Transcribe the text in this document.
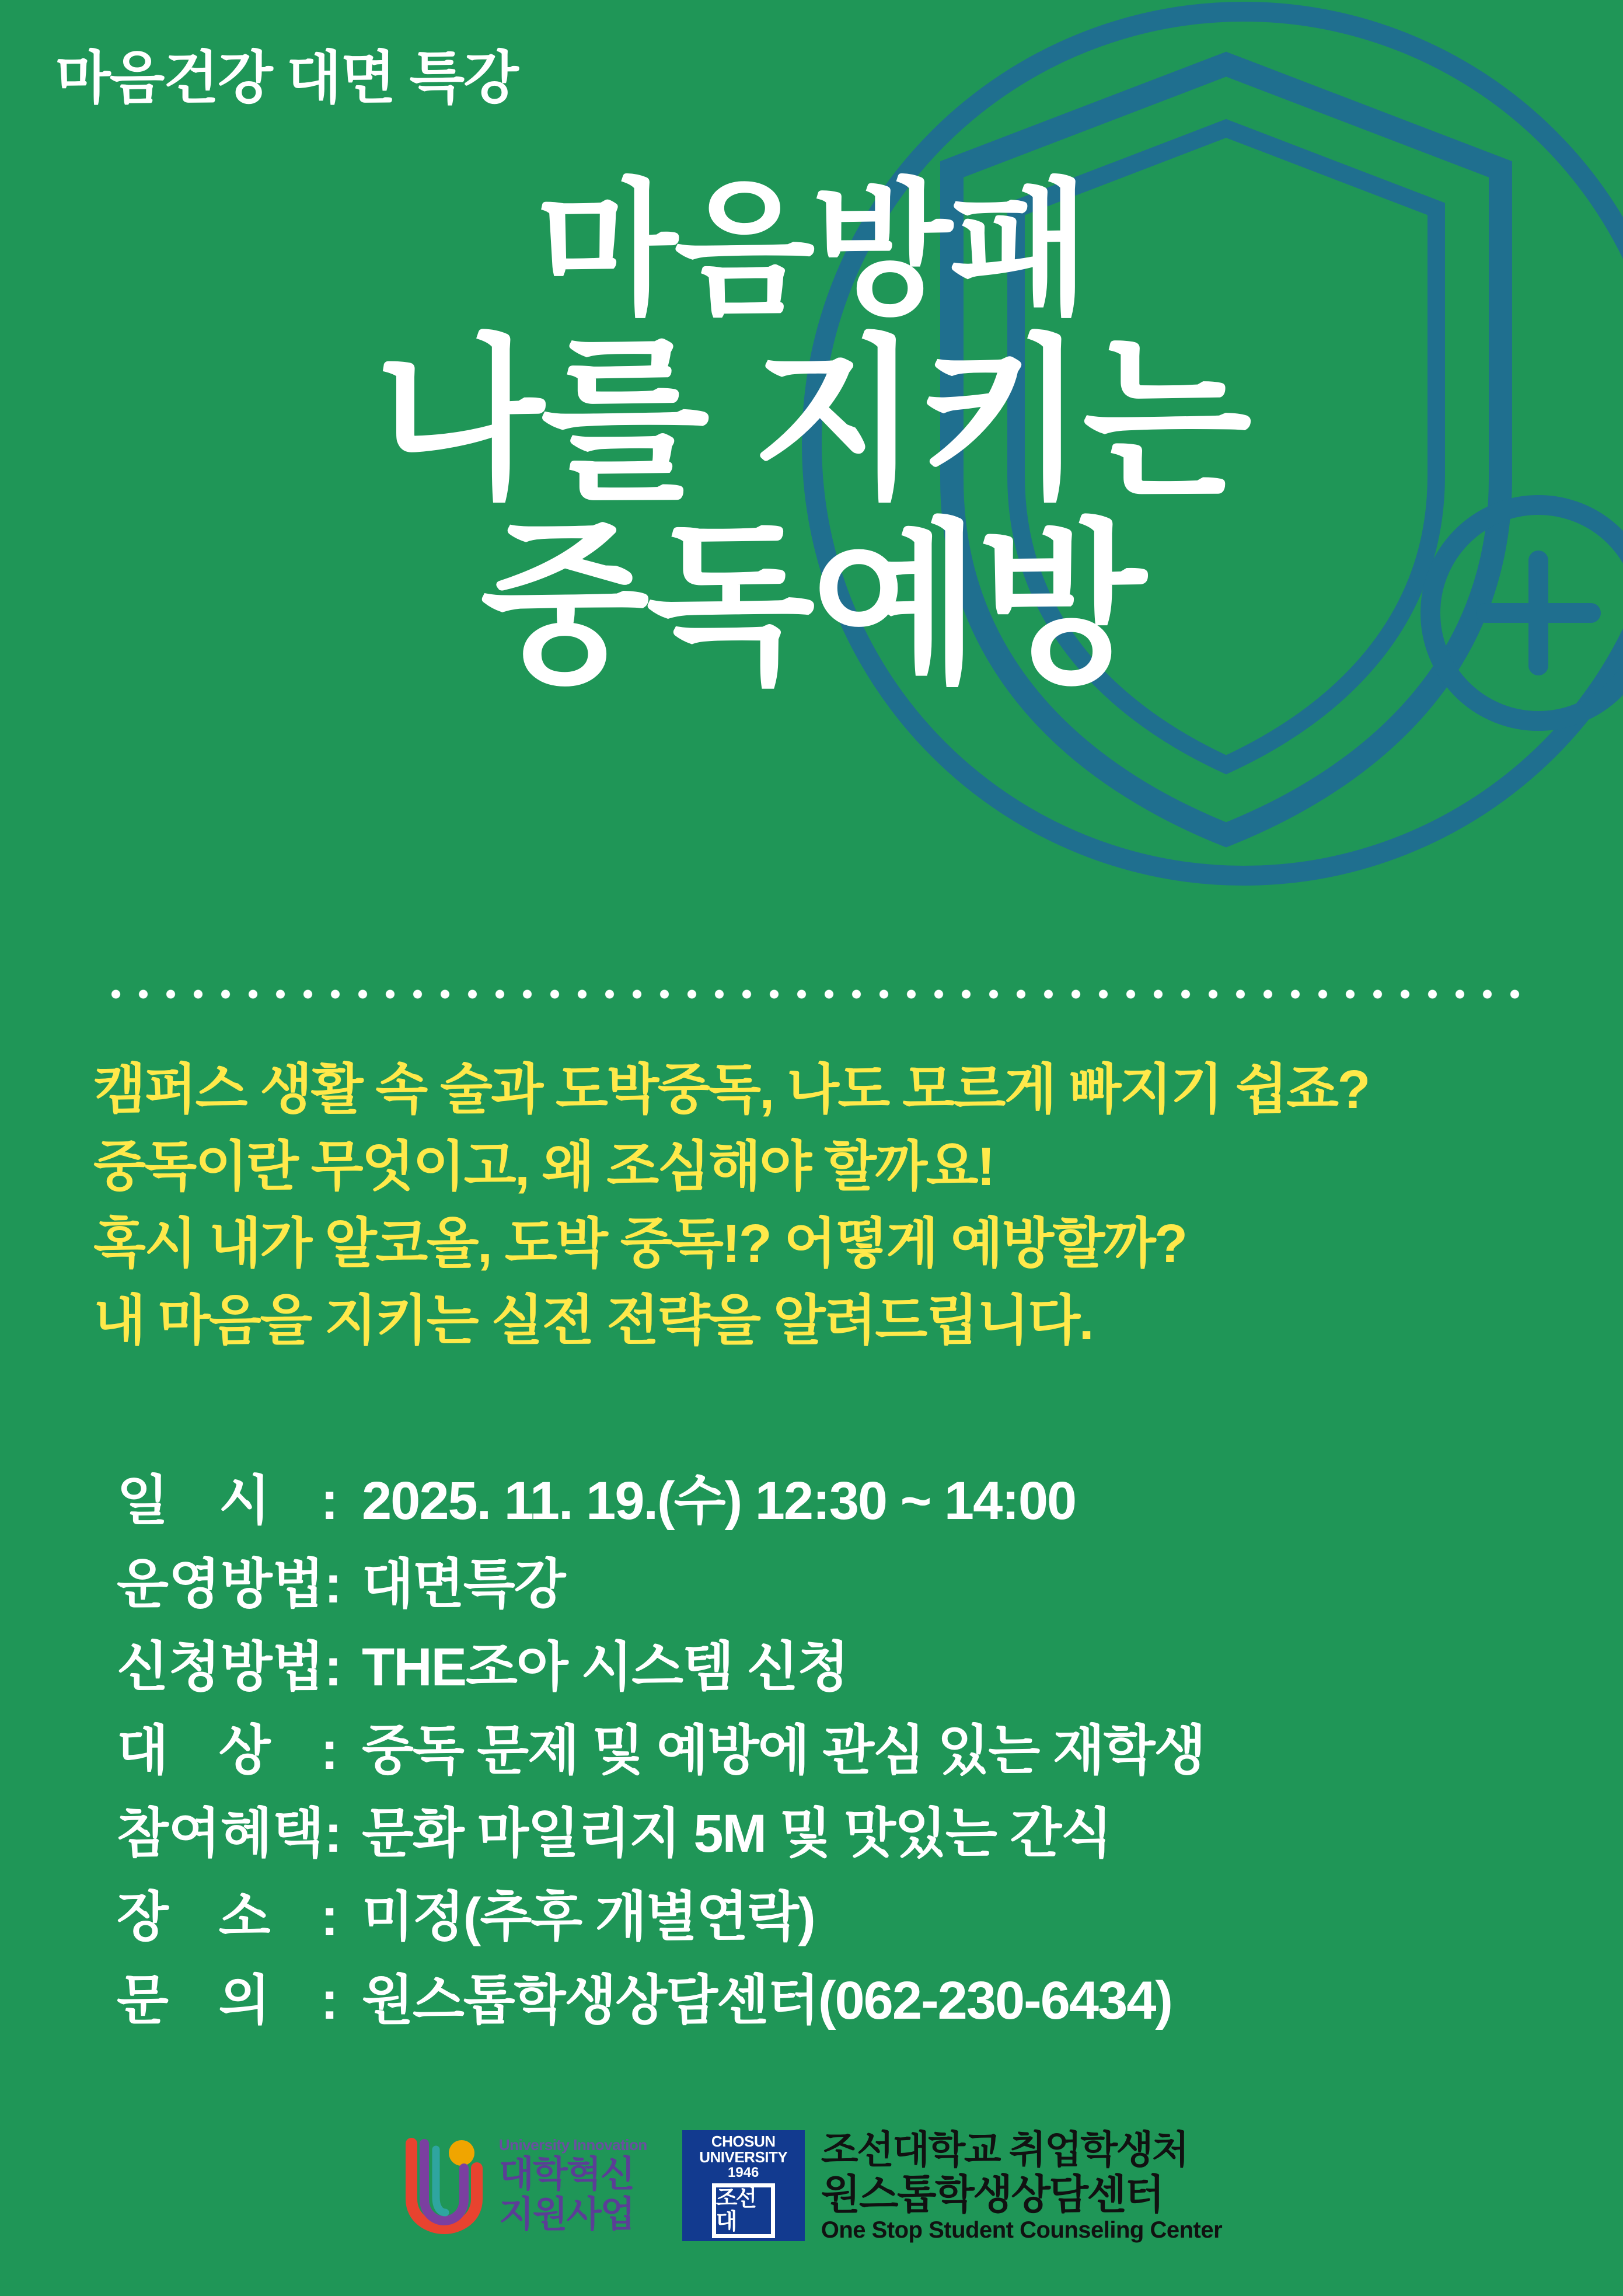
마음건강 대면 특강
마음방패
나를 지키는
중독예방
캠퍼스 생활 속 술과 도박중독, 나도 모르게 빠지기 쉽죠?
중독이란 무엇이고, 왜 조심해야 할까요!
혹시 내가 알코올, 도박 중독!? 어떻게 예방할까?
내 마음을 지키는 실전 전략을 알려드립니다.
일 시 : 2025. 11. 19.(수) 12:30 ~ 14:00
운영방법 : 대면특강
신청방법 : THE조아 시스템 신청
대 상 : 중독 문제 및 예방에 관심 있는 재학생
참여혜택 : 문화 마일리지 5M 및 맛있는 간식
장 소 : 미정(추후 개별연락)
문 의 : 원스톱학생상담센터(062-230-6434)
University Innovation
대학혁신
지원사업
CHOSUN
UNIVERSITY
1946
조선대
조선대학교 취업학생처
원스톱학생상담센터
One Stop Student Counseling Center
